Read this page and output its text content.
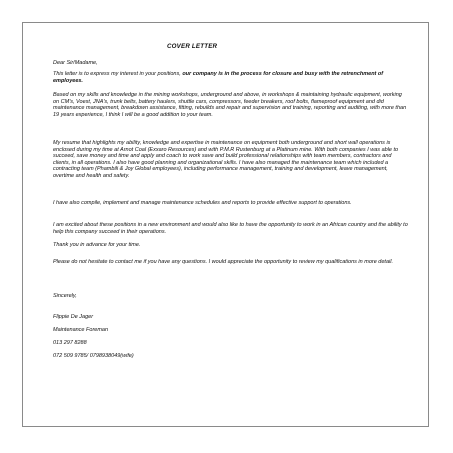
COVER LETTER

Dear Sir/Madame,

This letter is to express my interest in your positions, our company is in the process for closure and busy with the retrenchment of employees.

Based on my skills and knowledge in the mining workshops, underground and above, in workshops & maintaining hydraulic equipment, working on CM's, Voest, JNA's, trunk belts, battery haulers, shuttle cars, compressors, feeder breakers, roof bolts, flameproof equipment and did maintenance management, breakdown assistance, fitting, rebuilds and repair and supervision and training, reporting and auditing, with more than 19 years experience, I think I will be a good addition to your team.

My resume that highlights my ability, knowledge and expertise in maintenance on equipment both underground and short wall operations is enclosed during my time at Arnot Coal (Exxaro Resources) and with P.M.R Rustenburg at a Platinum mine. With both companies I was able to succeed, save money and time and apply and coach to work save and build professional relationships with team members, contractors and clients, in all operations. I also have good planning and organizational skills. I have also managed the maintenance team which included a contracting team (Phambili & Joy Global employees), including performance management, training and development, leave management, overtime and health and safety.

I have also compile, implement and manage maintenance schedules and reports to provide effective support to operations.

I am excited about these positions in a new environment and would also like to have the opportunity to work in an African country and the ability to help this company succeed in their operations.

Thank you in advance for your time.

Please do not hesitate to contact me if you have any questions. I would appreciate the opportunity to review my qualifications in more detail.

Sincerely,

Flippie De Jager

Maintenance Foreman

013 297 8288

072 509 9785/ 0798938049(wife)
